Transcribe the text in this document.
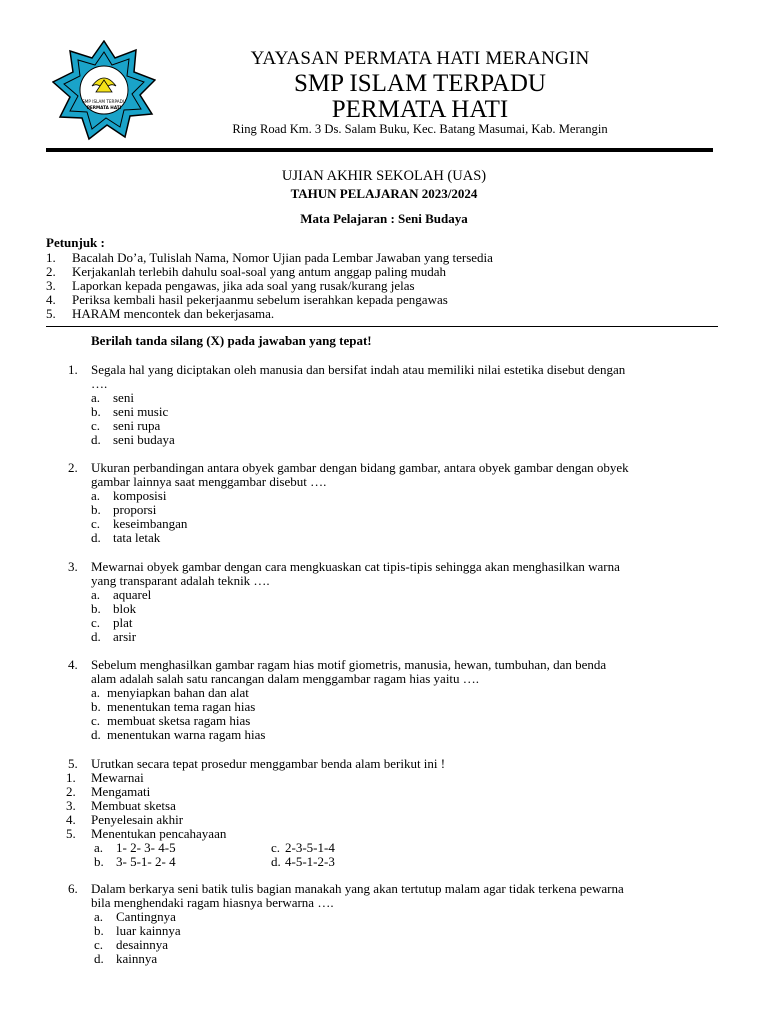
SMP ISLAM TERPADU
PERMATA HATI
YAYASAN PERMATA HATI MERANGIN
SMP ISLAM TERPADU
PERMATA HATI
Ring Road Km. 3 Ds. Salam Buku, Kec. Batang Masumai, Kab. Merangin
UJIAN AKHIR SEKOLAH (UAS)
TAHUN PELAJARAN 2023/2024
Mata Pelajaran : Seni Budaya
Petunjuk :
1. Bacalah Do’a, Tulislah Nama, Nomor Ujian pada Lembar Jawaban yang tersedia
2. Kerjakanlah terlebih dahulu soal-soal yang antum anggap paling mudah
3. Laporkan kepada pengawas, jika ada soal yang rusak/kurang jelas
4. Periksa kembali hasil pekerjaanmu sebelum iserahkan kepada pengawas
5. HARAM mencontek dan bekerjasama.
Berilah tanda silang (X) pada jawaban yang tepat!
1. Segala hal yang diciptakan oleh manusia dan bersifat indah atau memiliki nilai estetika disebut dengan
….
a. seni
b. seni music
c. seni rupa
d. seni budaya
2. Ukuran perbandingan antara obyek gambar dengan bidang gambar, antara obyek gambar dengan obyek
gambar lainnya saat menggambar disebut ….
a. komposisi
b. proporsi
c. keseimbangan
d. tata letak
3. Mewarnai obyek gambar dengan cara mengkuaskan cat tipis-tipis sehingga akan menghasilkan warna
yang transparant adalah teknik ….
a. aquarel
b. blok
c. plat
d. arsir
4. Sebelum menghasilkan gambar ragam hias motif giometris, manusia, hewan, tumbuhan, dan benda
alam adalah salah satu rancangan dalam menggambar ragam hias yaitu ….
a. menyiapkan bahan dan alat
b. menentukan tema ragan hias
c. membuat sketsa ragam hias
d. menentukan warna ragam hias
5. Urutkan secara tepat prosedur menggambar benda alam berikut ini !
1. Mewarnai
2. Mengamati
3. Membuat sketsa
4. Penyelesain akhir
5. Menentukan pencahayaan
a. 1- 2- 3- 4-5
b. 3- 5-1- 2- 4
c. 2-3-5-1-4
d. 4-5-1-2-3
6. Dalam berkarya seni batik tulis bagian manakah yang akan tertutup malam agar tidak terkena pewarna
bila menghendaki ragam hiasnya berwarna ….
a. Cantingnya
b. luar kainnya
c. desainnya
d. kainnya
